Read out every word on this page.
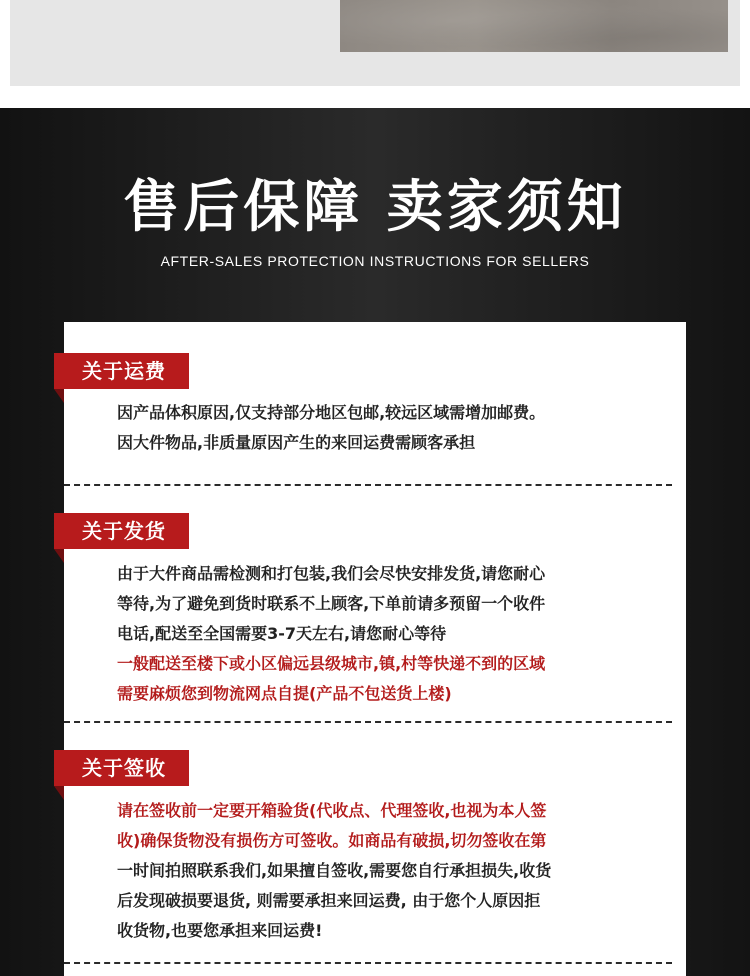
售后保障 卖家须知
AFTER-SALES PROTECTION INSTRUCTIONS FOR SELLERS
关于运费
因产品体积原因,仅支持部分地区包邮,较远区域需增加邮费。
因大件物品,非质量原因产生的来回运费需顾客承担
关于发货
由于大件商品需检测和打包装,我们会尽快安排发货,请您耐心
等待,为了避免到货时联系不上顾客,下单前请多预留一个收件
电话,配送至全国需要3-7天左右,请您耐心等待
一般配送至楼下或小区偏远县级城市,镇,村等快递不到的区域
需要麻烦您到物流网点自提(产品不包送货上楼)
关于签收
请在签收前一定要开箱验货(代收点、代理签收,也视为本人签
收)确保货物没有损伤方可签收。如商品有破损,切勿签收在第
一时间拍照联系我们,如果擅自签收,需要您自行承担损失,收货
后发现破损要退货, 则需要承担来回运费, 由于您个人原因拒
收货物,也要您承担来回运费!
